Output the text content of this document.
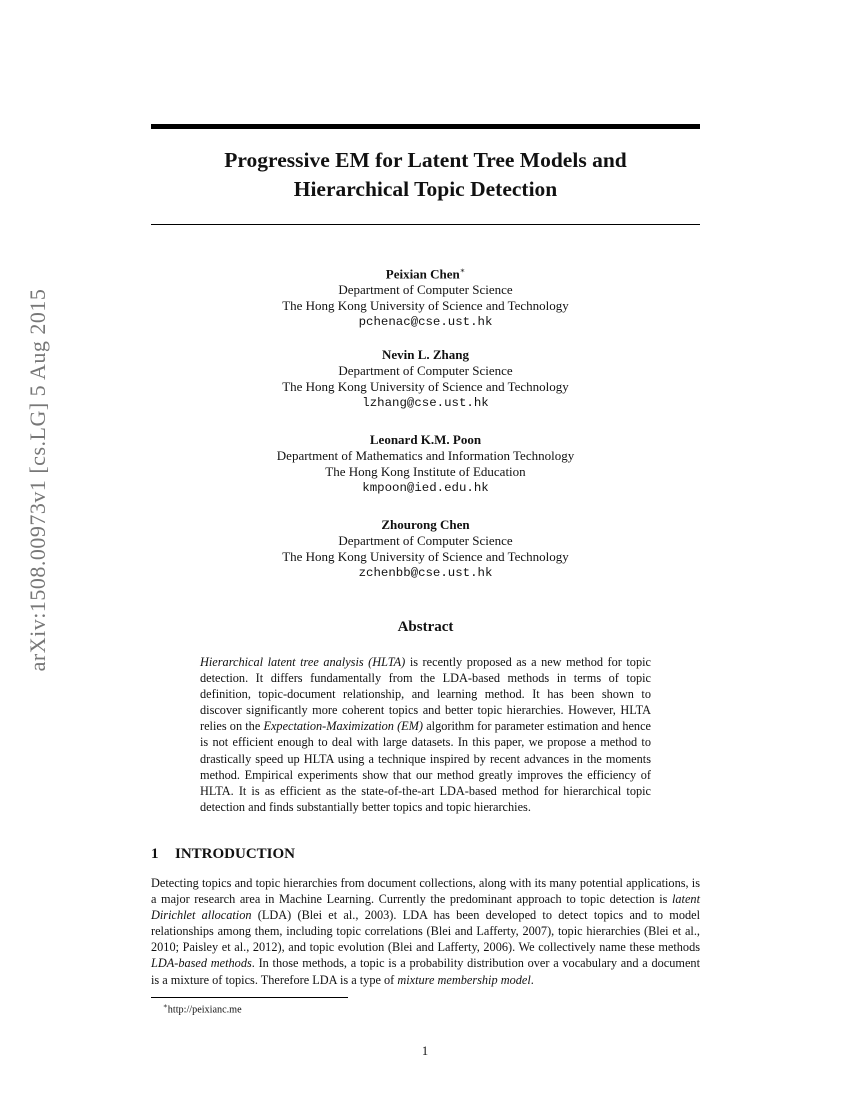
arXiv:1508.00973v1 [cs.LG] 5 Aug 2015
Progressive EM for Latent Tree Models and
Hierarchical Topic Detection
Peixian Chen∗
Department of Computer Science
The Hong Kong University of Science and Technology
pchenac@cse.ust.hk
Nevin L. Zhang
Department of Computer Science
The Hong Kong University of Science and Technology
lzhang@cse.ust.hk
Leonard K.M. Poon
Department of Mathematics and Information Technology
The Hong Kong Institute of Education
kmpoon@ied.edu.hk
Zhourong Chen
Department of Computer Science
The Hong Kong University of Science and Technology
zchenbb@cse.ust.hk
Abstract
Hierarchical latent tree analysis (HLTA) is recently proposed as a new method for topic detection. It differs fundamentally from the LDA-based methods in terms of topic definition, topic-document relationship, and learning method. It has been shown to discover significantly more coherent topics and better topic hierarchies. However, HLTA relies on the Expectation-Maximization (EM) algorithm for parameter estimation and hence is not efficient enough to deal with large datasets. In this paper, we propose a method to drastically speed up HLTA using a technique inspired by recent advances in the moments method. Empirical experiments show that our method greatly improves the efficiency of HLTA. It is as efficient as the state-of-the-art LDA-based method for hierarchical topic detection and finds substantially better topics and topic hierarchies.
1 INTRODUCTION
Detecting topics and topic hierarchies from document collections, along with its many potential applications, is a major research area in Machine Learning. Currently the predominant approach to topic detection is latent Dirichlet allocation (LDA) (Blei et al., 2003). LDA has been developed to detect topics and to model relationships among them, including topic correlations (Blei and Lafferty, 2007), topic hierarchies (Blei et al., 2010; Paisley et al., 2012), and topic evolution (Blei and Lafferty, 2006). We collectively name these methods LDA-based methods. In those methods, a topic is a probability distribution over a vocabulary and a document is a mixture of topics. Therefore LDA is a type of mixture membership model.
∗http://peixianc.me
1
